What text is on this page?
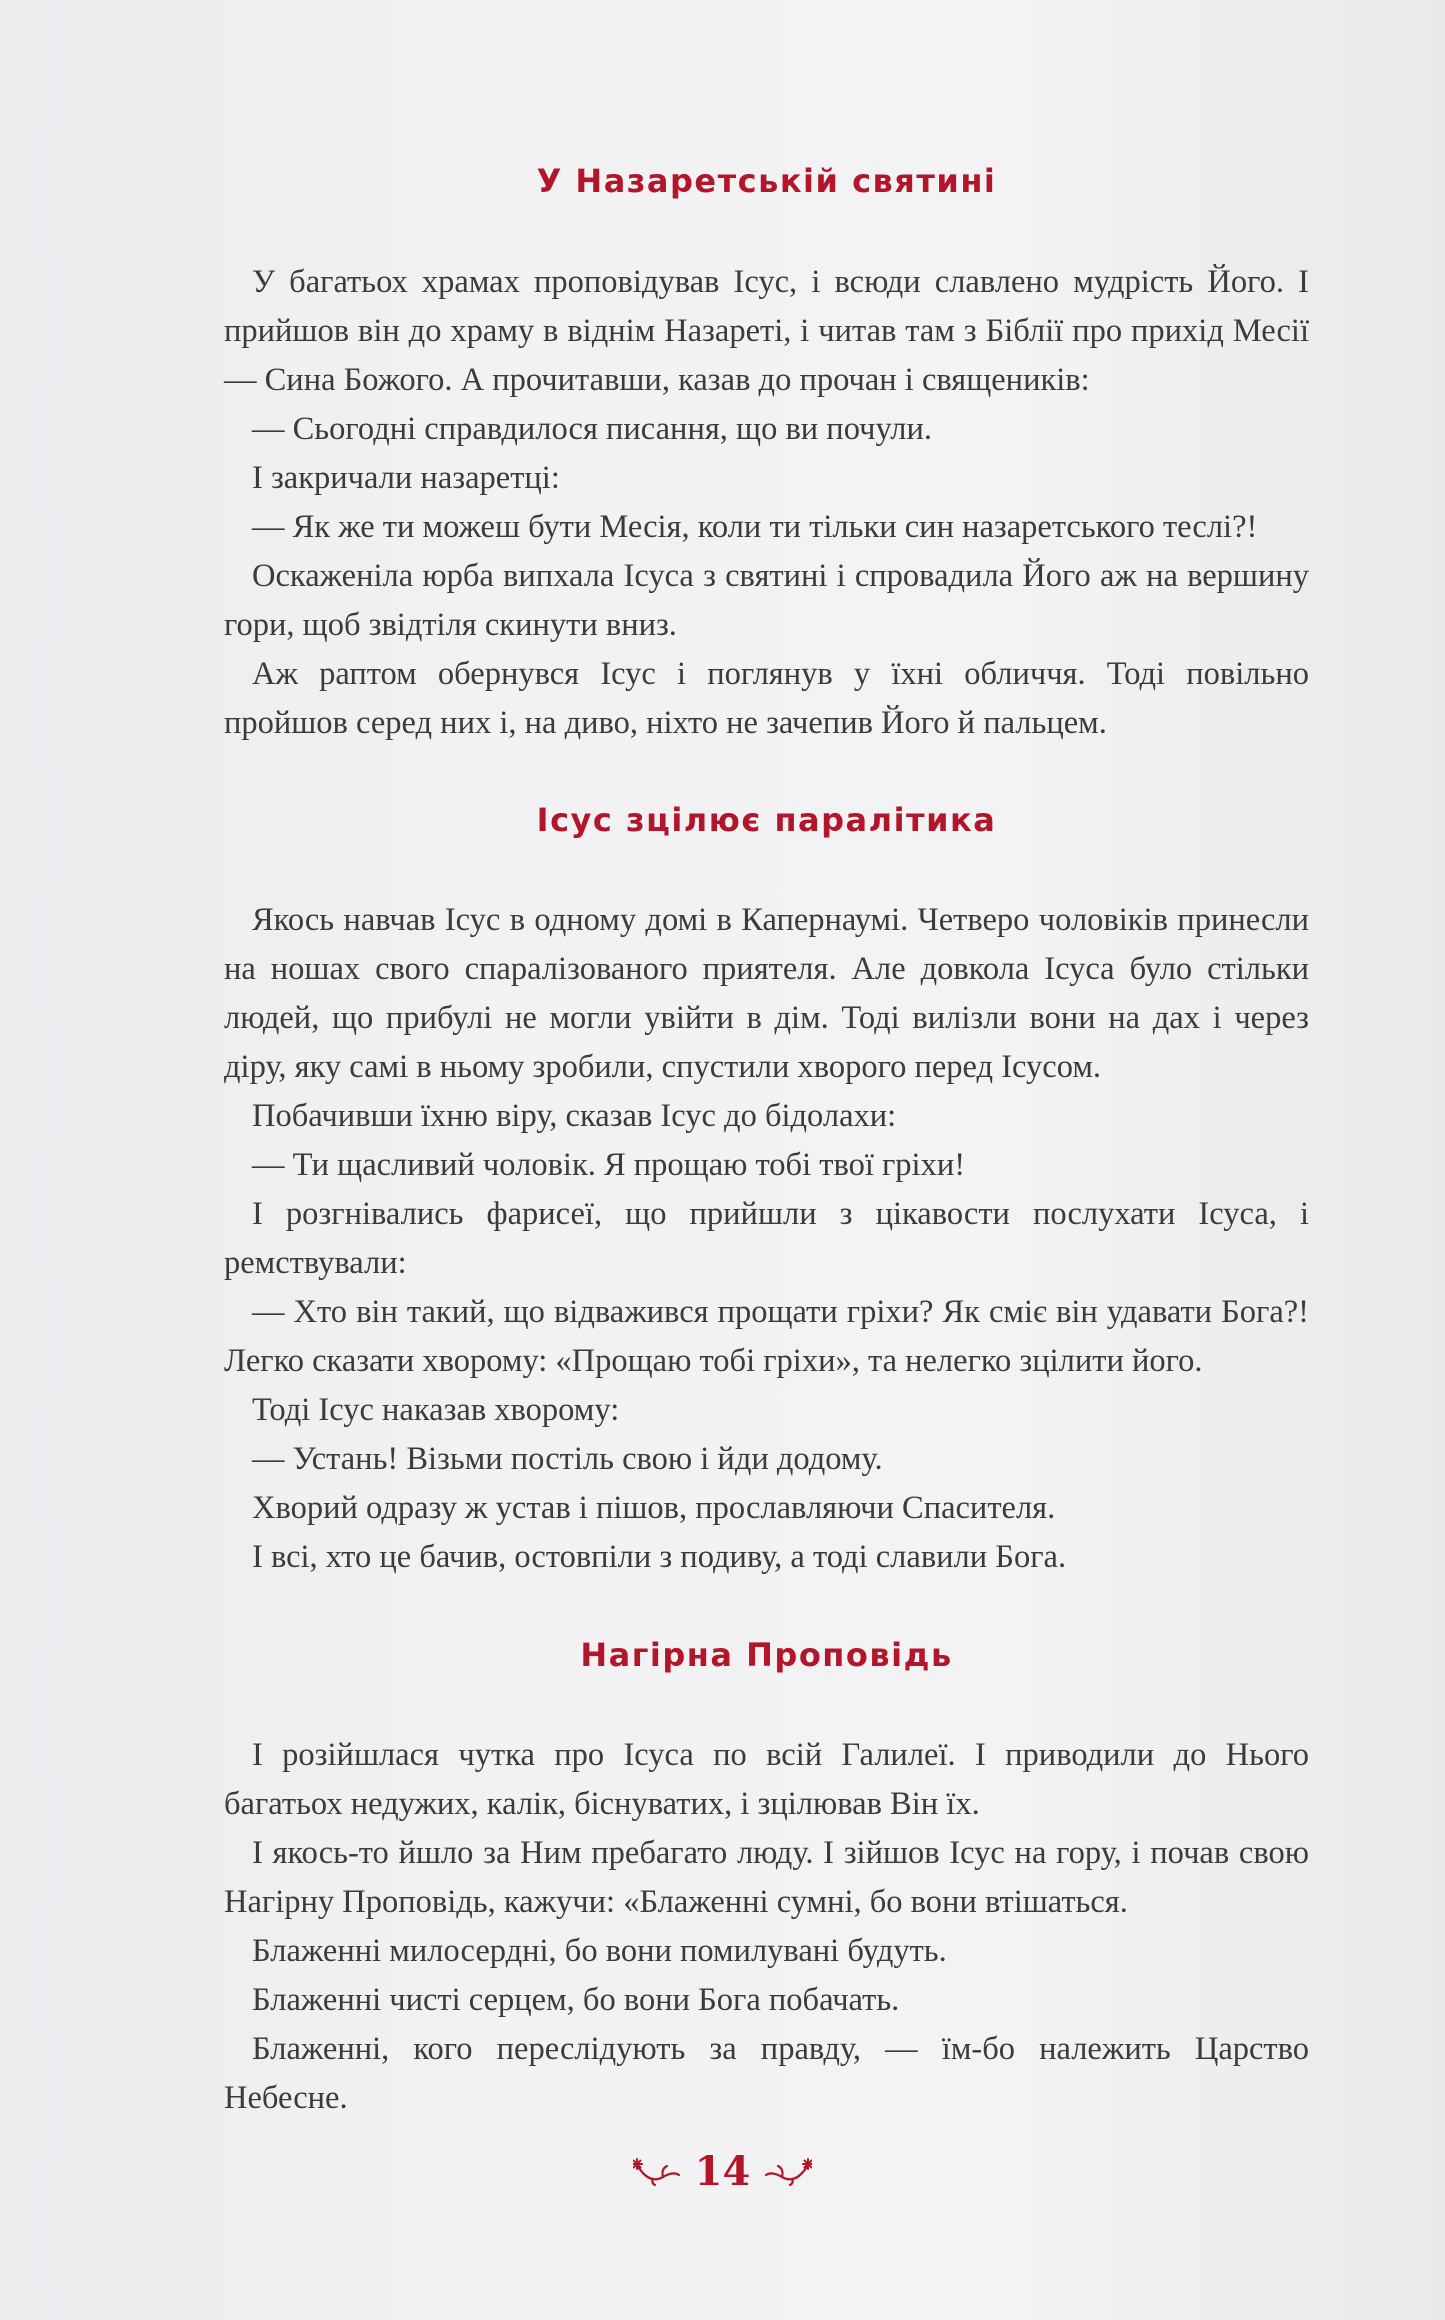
У Назаретській святині

У багатьох храмах проповідував Ісус, і всюди славлено мудрість Його. І прийшов він до храму в віднім Назареті, і читав там з Біблії про прихід Месії — Сина Божого. А прочитавши, казав до прочан і священиків:

— Сьогодні справдилося писання, що ви почули.

І закричали назаретці:

— Як же ти можеш бути Месія, коли ти тільки син назаретського теслі?!

Оскаженіла юрба випхала Ісуса з святині і спровадила Його аж на вершину гори, щоб звідтіля скинути вниз.

Аж раптом обернувся Ісус і поглянув у їхні обличчя. Тоді повільно пройшов серед них і, на диво, ніхто не зачепив Його й пальцем.

Ісус зцілює паралітика

Якось навчав Ісус в одному домі в Капернаумі. Четверо чоловіків принесли на ношах свого спаралізованого приятеля. Але довкола Ісуса було стільки людей, що прибулі не могли увійти в дім. Тоді вилізли вони на дах і через діру, яку самі в ньому зробили, спустили хворого перед Ісусом.

Побачивши їхню віру, сказав Ісус до бідолахи:

— Ти щасливий чоловік. Я прощаю тобі твої гріхи!

І розгнівались фарисеї, що прийшли з цікавости послухати Ісуса, і ремствували:

— Хто він такий, що відважився прощати гріхи? Як сміє він удавати Бога?! Легко сказати хворому: «Прощаю тобі гріхи», та нелегко зцілити його.

Тоді Ісус наказав хворому:

— Устань! Візьми постіль свою і йди додому.

Хворий одразу ж устав і пішов, прославляючи Спасителя.

І всі, хто це бачив, остовпіли з подиву, а тоді славили Бога.

Нагірна Проповідь

І розійшлася чутка про Ісуса по всій Галилеї. І приводили до Нього багатьох недужих, калік, біснуватих, і зцілював Він їх.

І якось-то йшло за Ним пребагато люду. І зійшов Ісус на гору, і почав свою Нагірну Проповідь, кажучи: «Блаженні сумні, бо вони втішаться.

Блаженні милосердні, бо вони помилувані будуть.

Блаженні чисті серцем, бо вони Бога побачать.

Блаженні, кого переслідують за правду, — їм-бо належить Царство Небесне.

14
